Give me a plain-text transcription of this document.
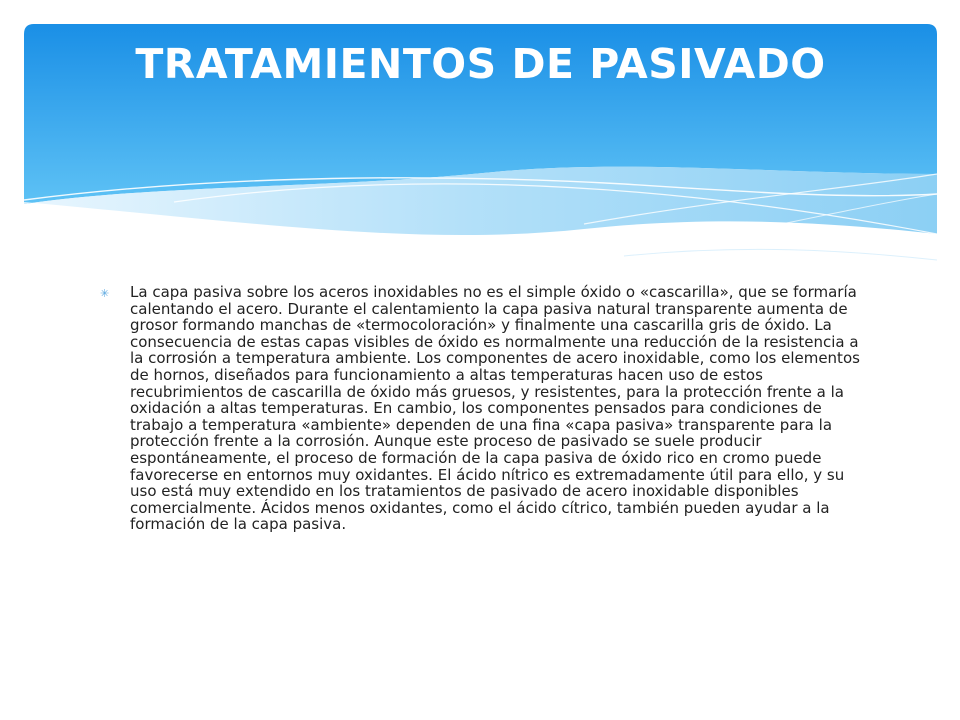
TRATAMIENTOS DE PASIVADO
✳	La capa pasiva sobre los aceros inoxidables no es el simple óxido o «cascarilla», que se formaría calentando el acero. Durante el calentamiento la capa pasiva natural transparente aumenta de grosor formando manchas de «termocoloración» y finalmente una cascarilla gris de óxido. La consecuencia de estas capas visibles de óxido es normalmente una reducción de la resistencia a la corrosión a temperatura ambiente. Los componentes de acero inoxidable, como los elementos de hornos, diseñados para funcionamiento a altas temperaturas hacen uso de estos recubrimientos de cascarilla de óxido más gruesos, y resistentes, para la protección frente a la oxidación a altas temperaturas. En cambio, los componentes pensados para condiciones de trabajo a temperatura «ambiente» dependen de una fina «capa pasiva» transparente para la protección frente a la corrosión. Aunque este proceso de pasivado se suele producir espontáneamente, el proceso de formación de la capa pasiva de óxido rico en cromo puede favorecerse en entornos muy oxidantes. El ácido nítrico es extremadamente útil para ello, y su uso está muy extendido en los tratamientos de pasivado de acero inoxidable disponibles comercialmente. Ácidos menos oxidantes, como el ácido cítrico, también pueden ayudar a la formación de la capa pasiva.
